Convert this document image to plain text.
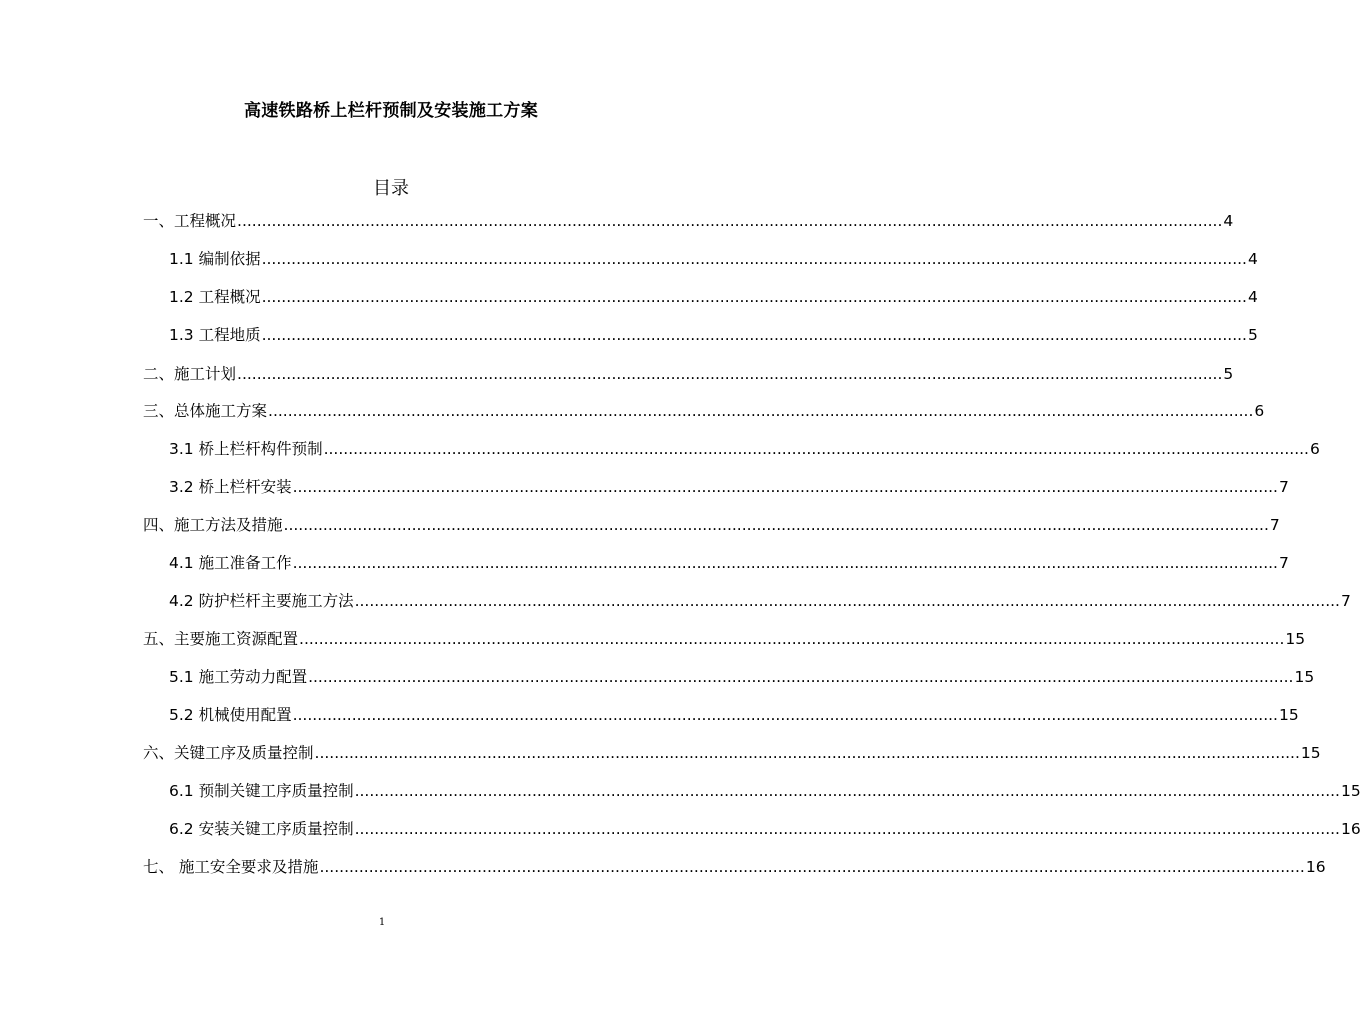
高速铁路桥上栏杆预制及安装施工方案
目录
一、工程概况 ........................................................................................................................................................................................................ 4
1.1 编制依据 ........................................................................................................................................................................................................ 4
1.2 工程概况 ........................................................................................................................................................................................................ 4
1.3 工程地质 ........................................................................................................................................................................................................ 5
二、施工计划 ........................................................................................................................................................................................................ 5
三、总体施工方案 ........................................................................................................................................................................................................ 6
3.1 桥上栏杆构件预制 ........................................................................................................................................................................................................ 6
3.2 桥上栏杆安装 ........................................................................................................................................................................................................ 7
四、施工方法及措施 ........................................................................................................................................................................................................ 7
4.1 施工准备工作 ........................................................................................................................................................................................................ 7
4.2 防护栏杆主要施工方法 ........................................................................................................................................................................................................ 7
五、主要施工资源配置 ........................................................................................................................................................................................................ 15
5.1 施工劳动力配置 ........................................................................................................................................................................................................ 15
5.2 机械使用配置 ........................................................................................................................................................................................................ 15
六、关键工序及质量控制 ........................................................................................................................................................................................................ 15
6.1 预制关键工序质量控制 ........................................................................................................................................................................................................ 15
6.2 安装关键工序质量控制 ........................................................................................................................................................................................................ 16
七、 施工安全要求及措施 ........................................................................................................................................................................................................ 16
1
